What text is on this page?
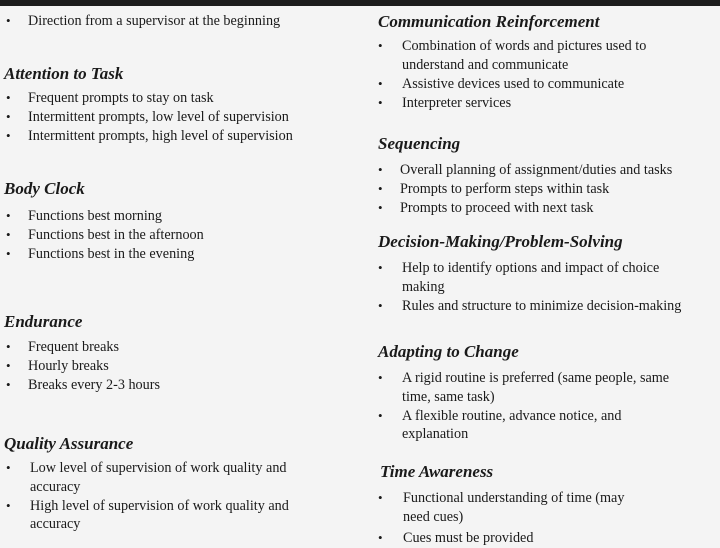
• Direction from a supervisor at the beginning
Attention to Task
• Frequent prompts to stay on task
• Intermittent prompts, low level of supervision
• Intermittent prompts, high level of supervision
Body Clock
• Functions best morning
• Functions best in the afternoon
• Functions best in the evening
Endurance
• Frequent breaks
• Hourly breaks
• Breaks every 2-3 hours
Quality Assurance
• Low level of supervision of work quality and accuracy
• High level of supervision of work quality and accuracy
Communication Reinforcement
• Combination of words and pictures used to understand and communicate
• Assistive devices used to communicate
• Interpreter services
Sequencing
• Overall planning of assignment/duties and tasks
• Prompts to perform steps within task
• Prompts to proceed with next task
Decision-Making/Problem-Solving
• Help to identify options and impact of choice making
• Rules and structure to minimize decision-making
Adapting to Change
• A rigid routine is preferred (same people, same time, same task)
• A flexible routine, advance notice, and explanation
Time Awareness
• Functional understanding of time (may need cues)
• Cues must be provided
